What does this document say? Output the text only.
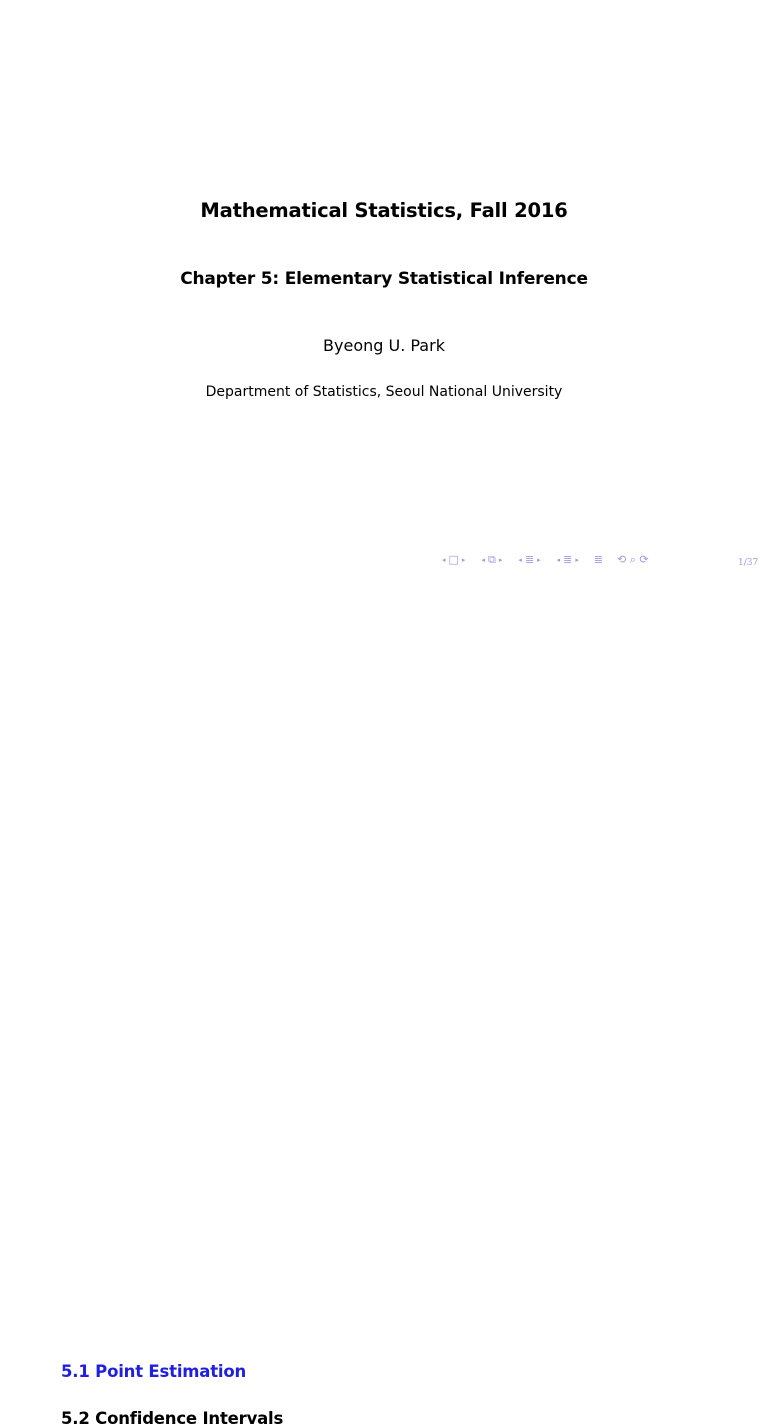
Mathematical Statistics, Fall 2016
Chapter 5: Elementary Statistical Inference
Byeong U. Park
Department of Statistics, Seoul National University
◂ □ ▸ ◂ ⧉ ▸ ◂ ≣ ▸ ◂ ≣ ▸ ≣ ⟲ ⌕ ⟳	1/37
5.1 Point Estimation
5.2 Confidence Intervals
